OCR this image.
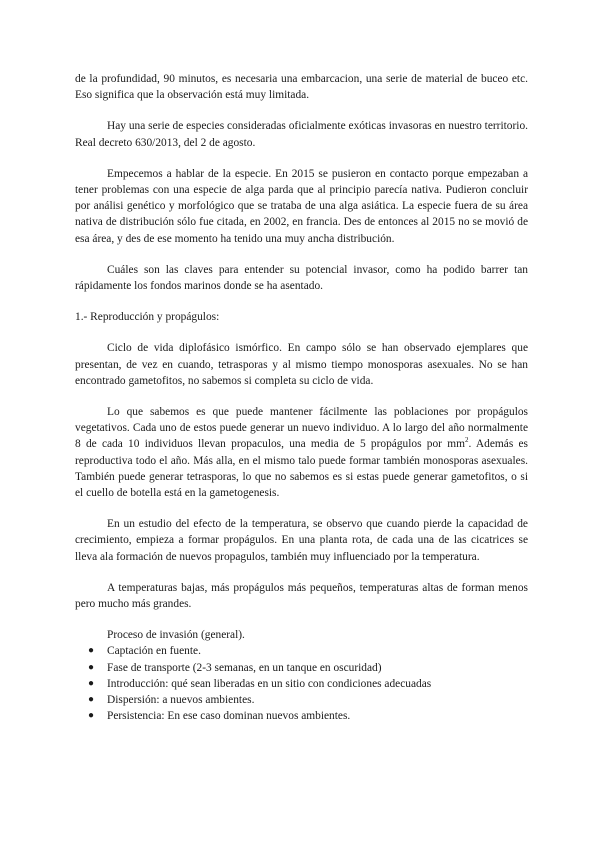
de la profundidad, 90 minutos, es necesaria una embarcacion, una serie de material de buceo etc. Eso significa que la observación está muy limitada.

Hay una serie de especies consideradas oficialmente exóticas invasoras en nuestro territorio. Real decreto 630/2013, del 2 de agosto.

Empecemos a hablar de la especie. En 2015 se pusieron en contacto porque empezaban a tener problemas con una especie de alga parda que al principio parecía nativa. Pudieron concluir por análisi genético y morfológico que se trataba de una alga asiática. La especie fuera de su área nativa de distribución sólo fue citada, en 2002, en francia. Des de entonces al 2015 no se movió de esa área, y des de ese momento ha tenido una muy ancha distribución.

Cuáles son las claves para entender su potencial invasor, como ha podido barrer tan rápidamente los fondos marinos donde se ha asentado.

1.- Reproducción y propágulos:

Ciclo de vida diplofásico ismórfico. En campo sólo se han observado ejemplares que presentan, de vez en cuando, tetrasporas y al mismo tiempo monosporas asexuales. No se han encontrado gametofitos, no sabemos si completa su ciclo de vida.

Lo que sabemos es que puede mantener fácilmente las poblaciones por propágulos vegetativos. Cada uno de estos puede generar un nuevo individuo. A lo largo del año normalmente 8 de cada 10 individuos llevan propaculos, una media de 5 propágulos por $mm^2$. Además es reproductiva todo el año. Más alla, en el mismo talo puede formar también monosporas asexuales. También puede generar tetrasporas, lo que no sabemos es si estas puede generar gametofitos, o si el cuello de botella está en la gametogenesis.

En un estudio del efecto de la temperatura, se observo que cuando pierde la capacidad de crecimiento, empieza a formar propágulos. En una planta rota, de cada una de las cicatrices se lleva ala formación de nuevos propagulos, también muy influenciado por la temperatura.

A temperaturas bajas, más propágulos más pequeños, temperaturas altas de forman menos pero mucho más grandes.

Proceso de invasión (general).

● Captación en fuente.
● Fase de transporte (2-3 semanas, en un tanque en oscuridad)
● Introducción: qué sean liberadas en un sitio con condiciones adecuadas
● Dispersión: a nuevos ambientes.
● Persistencia: En ese caso dominan nuevos ambientes.
